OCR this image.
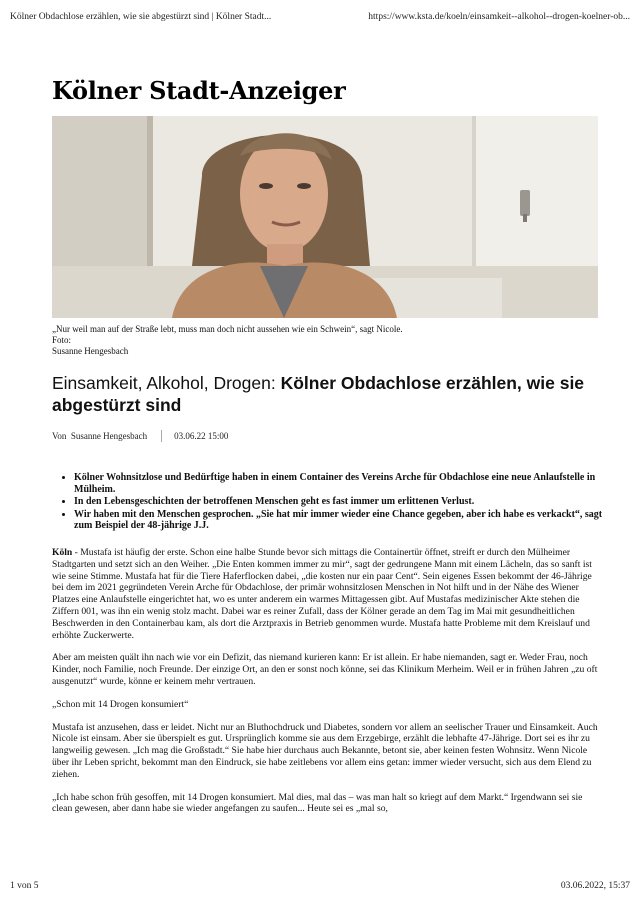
Kölner Obdachlose erzählen, wie sie abgestürzt sind | Kölner Stadt...	https://www.ksta.de/koeln/einsamkeit--alkohol--drogen-koelner-ob...
Kölner Stadt-Anzeiger
„Nur weil man auf der Straße lebt, muss man doch nicht aussehen wie ein Schwein“, sagt Nicole.
Foto:
Susanne Hengesbach
Einsamkeit, Alkohol, Drogen: Kölner Obdachlose erzählen, wie sie abgestürzt sind
Von
Susanne Hengesbach	03.06.22 15:00
• Kölner Wohnsitzlose und Bedürftige haben in einem Container des Vereins Arche für Obdachlose eine neue Anlaufstelle in Mülheim.
• In den Lebensgeschichten der betroffenen Menschen geht es fast immer um erlittenen Verlust.
• Wir haben mit den Menschen gesprochen. „Sie hat mir immer wieder eine Chance gegeben, aber ich habe es verkackt“, sagt zum Beispiel der 48-jährige J.J.

Köln - Mustafa ist häufig der erste. Schon eine halbe Stunde bevor sich mittags die Containertür öffnet, streift er durch den Mülheimer Stadtgarten und setzt sich an den Weiher. „Die Enten kommen immer zu mir“, sagt der gedrungene Mann mit einem Lächeln, das so sanft ist wie seine Stimme. Mustafa hat für die Tiere Haferflocken dabei, „die kosten nur ein paar Cent“. Sein eigenes Essen bekommt der 46-Jährige bei dem im 2021 gegründeten Verein Arche für Obdachlose, der primär wohnsitzlosen Menschen in Not hilft und in der Nähe des Wiener Platzes eine Anlaufstelle eingerichtet hat, wo es unter anderem ein warmes Mittagessen gibt. Auf Mustafas medizinischer Akte stehen die Ziffern 001, was ihn ein wenig stolz macht. Dabei war es reiner Zufall, dass der Kölner gerade an dem Tag im Mai mit gesundheitlichen Beschwerden in den Containerbau kam, als dort die Arztpraxis in Betrieb genommen wurde. Mustafa hatte Probleme mit dem Kreislauf und erhöhte Zuckerwerte.

Aber am meisten quält ihn nach wie vor ein Defizit, das niemand kurieren kann: Er ist allein. Er habe niemanden, sagt er. Weder Frau, noch Kinder, noch Familie, noch Freunde. Der einzige Ort, an den er sonst noch könne, sei das Klinikum Merheim. Weil er in frühen Jahren „zu oft ausgenutzt“ wurde, könne er keinem mehr vertrauen.

„Schon mit 14 Drogen konsumiert“

Mustafa ist anzusehen, dass er leidet. Nicht nur an Bluthochdruck und Diabetes, sondern vor allem an seelischer Trauer und Einsamkeit. Auch Nicole ist einsam. Aber sie überspielt es gut. Ursprünglich komme sie aus dem Erzgebirge, erzählt die lebhafte 47-Jährige. Dort sei es ihr zu langweilig gewesen. „Ich mag die Großstadt.“ Sie habe hier durchaus auch Bekannte, betont sie, aber keinen festen Wohnsitz. Wenn Nicole über ihr Leben spricht, bekommt man den Eindruck, sie habe zeitlebens vor allem eins getan: immer wieder versucht, sich aus dem Elend zu ziehen.

„Ich habe schon früh gesoffen, mit 14 Drogen konsumiert. Mal dies, mal das – was man halt so kriegt auf dem Markt.“ Irgendwann sei sie clean gewesen, aber dann habe sie wieder angefangen zu saufen... Heute sei es „mal so,

1 von 5	03.06.2022, 15:37
